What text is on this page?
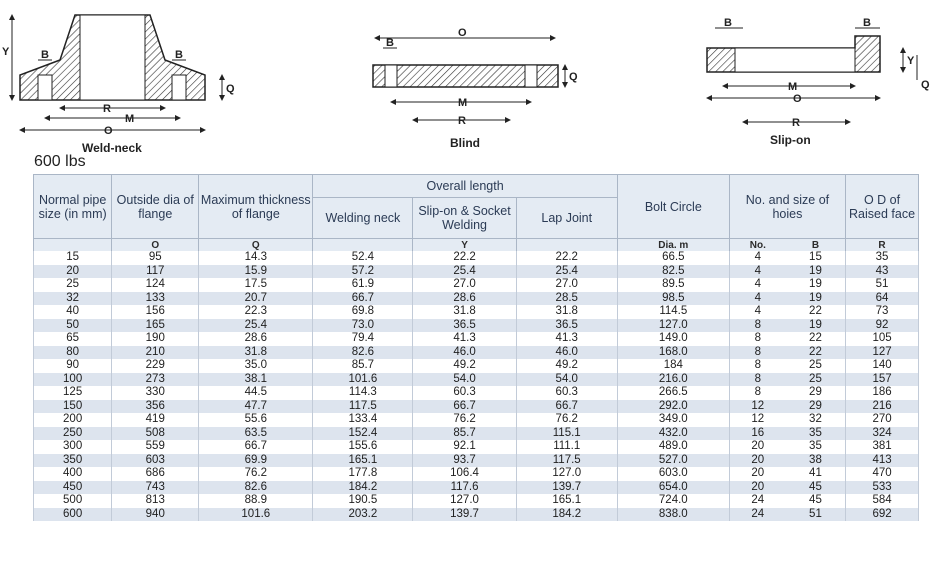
Y	B	B
Q
R
M
O
Weld-neck
O
B
Q
M
R
Blind
B	B
Y
Q
M
O
R
Slip-on
600 lbs
Normal pipe size (in mm)	Outside dia of flange	Maximum thickness of flange	Overall length			Bolt Circle	No. and size of hoies		O D of Raised face
			Welding neck	Slip-on & Socket Welding	Lap Joint				
	O	Q		Y		Dia. m	No.	B	R
15	95	14.3	52.4	22.2	22.2	66.5	4	15	35
20	117	15.9	57.2	25.4	25.4	82.5	4	19	43
25	124	17.5	61.9	27.0	27.0	89.5	4	19	51
32	133	20.7	66.7	28.6	28.5	98.5	4	19	64
40	156	22.3	69.8	31.8	31.8	114.5	4	22	73
50	165	25.4	73.0	36.5	36.5	127.0	8	19	92
65	190	28.6	79.4	41.3	41.3	149.0	8	22	105
80	210	31.8	82.6	46.0	46.0	168.0	8	22	127
90	229	35.0	85.7	49.2	49.2	184	8	25	140
100	273	38.1	101.6	54.0	54.0	216.0	8	25	157
125	330	44.5	114.3	60.3	60.3	266.5	8	29	186
150	356	47.7	117.5	66.7	66.7	292.0	12	29	216
200	419	55.6	133.4	76.2	76.2	349.0	12	32	270
250	508	63.5	152.4	85.7	115.1	432.0	16	35	324
300	559	66.7	155.6	92.1	111.1	489.0	20	35	381
350	603	69.9	165.1	93.7	117.5	527.0	20	38	413
400	686	76.2	177.8	106.4	127.0	603.0	20	41	470
450	743	82.6	184.2	117.6	139.7	654.0	20	45	533
500	813	88.9	190.5	127.0	165.1	724.0	24	45	584
600	940	101.6	203.2	139.7	184.2	838.0	24	51	692
